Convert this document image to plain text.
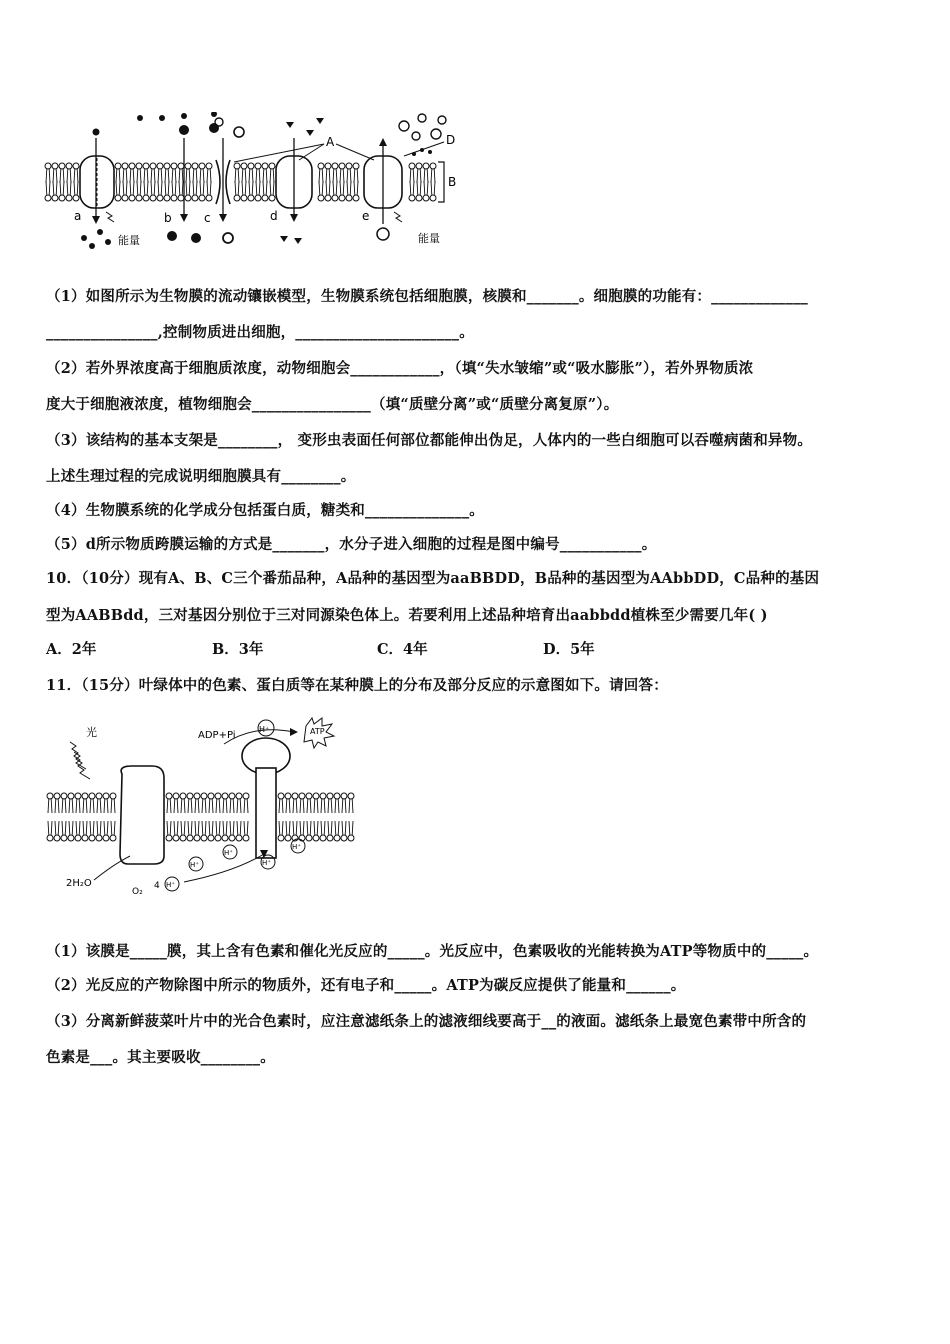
B
A	D
a	b	c	d	e
能量	能量
（1）如图所示为生物膜的流动镶嵌模型，生物膜系统包括细胞膜，核膜和_______。细胞膜的功能有：_____________
_______________,控制物质进出细胞，______________________。
（2）若外界浓度高于细胞质浓度，动物细胞会____________，（填“失水皱缩”或“吸水膨胀”），若外界物质浓
度大于细胞液浓度，植物细胞会________________（填“质壁分离”或“质壁分离复原”）。
（3）该结构的基本支架是________， 变形虫表面任何部位都能伸出伪足，人体内的一些白细胞可以吞噬病菌和异物。
上述生理过程的完成说明细胞膜具有________。
（4）生物膜系统的化学成分包括蛋白质，糖类和______________。
（5）d所示物质跨膜运输的方式是_______，水分子进入细胞的过程是图中编号___________。
10．（10分）现有A、B、C三个番茄品种，A品种的基因型为aaBBDD，B品种的基因型为AAbbDD，C品种的基因
型为AABBdd，三对基因分别位于三对同源染色体上。若要利用上述品种培育出aabbdd植株至少需要几年( )
A．2年	B．3年	C．4年	D．5年
11．（15分）叶绿体中的色素、蛋白质等在某种膜上的分布及部分反应的示意图如下。请回答：
光	ADP+Pi
H⁺	ATP
2H₂O
O₂
4 H⁺
H⁺
H⁺
H⁺
H⁺
（1）该膜是_____膜，其上含有色素和催化光反应的_____。光反应中，色素吸收的光能转换为ATP等物质中的_____。
（2）光反应的产物除图中所示的物质外，还有电子和_____。ATP为碳反应提供了能量和______。
（3）分离新鲜菠菜叶片中的光合色素时，应注意滤纸条上的滤液细线要高于__的液面。滤纸条上最宽色素带中所含的
色素是___。其主要吸收________。
